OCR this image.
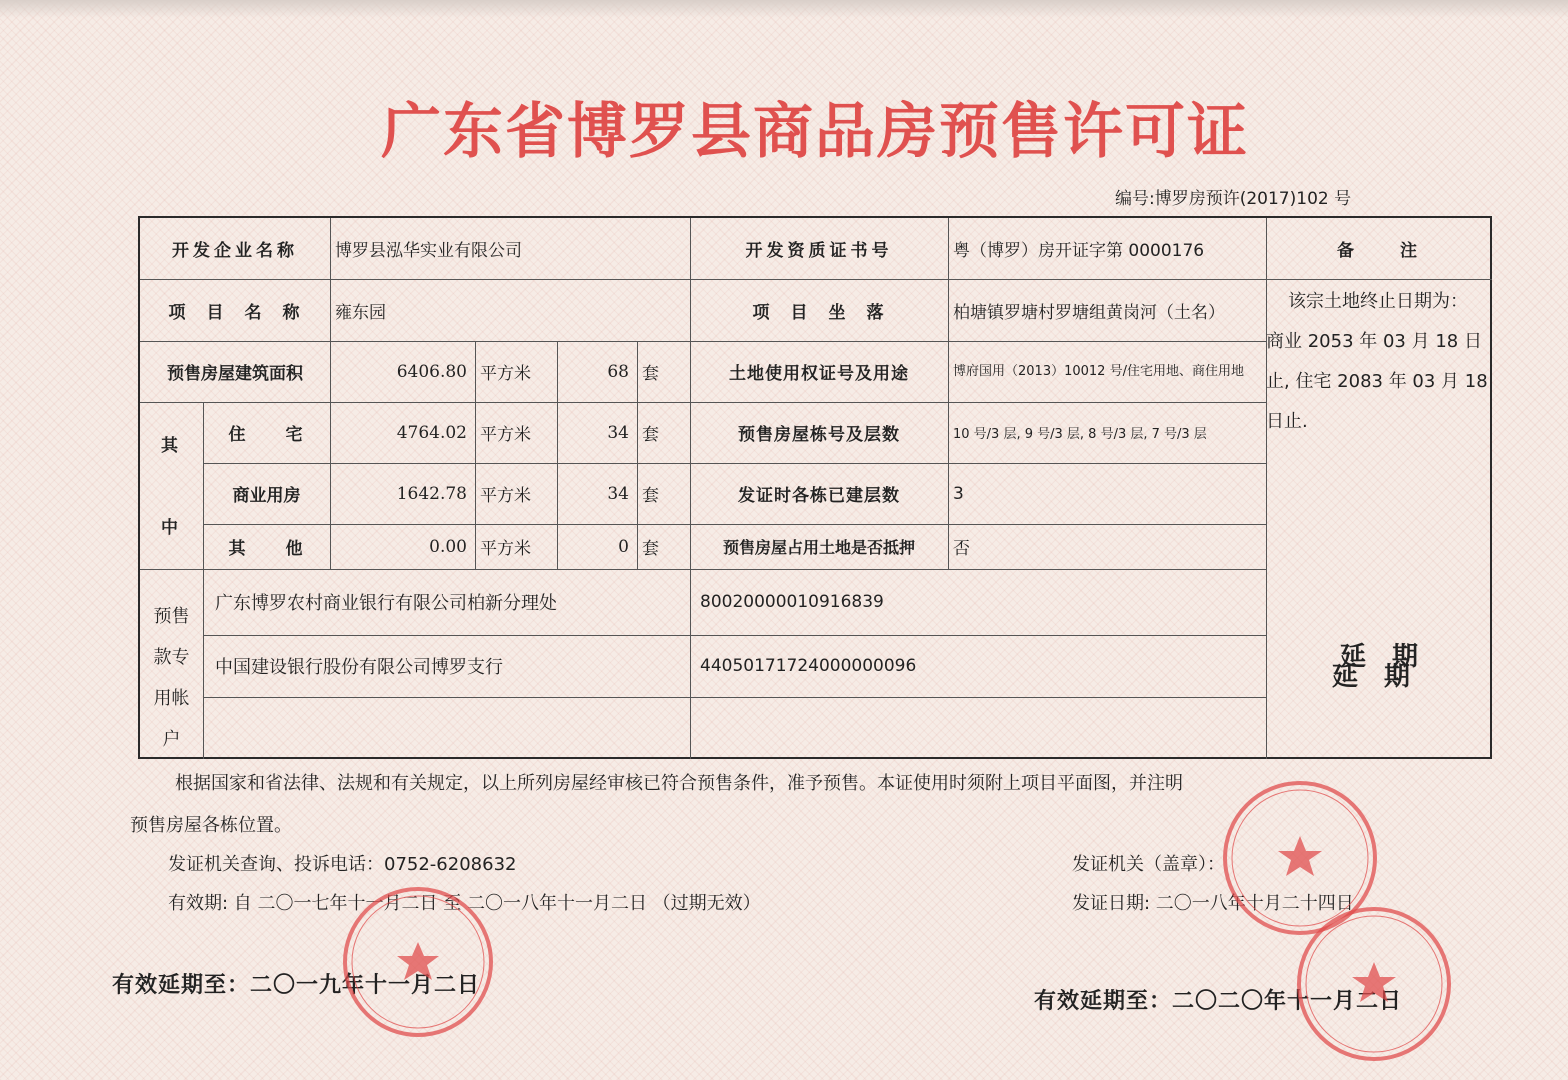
广东省博罗县商品房预售许可证
编号:博罗房预许(2017)102 号
开发企业名称	博罗县泓华实业有限公司	开发资质证书号	粤（博罗）房开证字第 0000176	备　　注
项　目　名　称	雍东园	项　目　坐　落	柏塘镇罗塘村罗塘组黄岗河（土名）
预售房屋建筑面积	6406.80 平方米	68 套	土地使用权证号及用途	博府国用（2013）10012 号/住宅用地、商住用地
其
中
住　　宅	4764.02 平方米	34 套	预售房屋栋号及层数	10 号/3 层, 9 号/3 层, 8 号/3 层, 7 号/3 层
商业用房	1642.78 平方米	34 套	发证时各栋已建层数	3
其　　他	0.00 平方米	0 套	预售房屋占用土地是否抵押	否
预售
款专
用帐
户
广东博罗农村商业银行有限公司柏新分理处	80020000010916839
中国建设银行股份有限公司博罗支行	44050171724000000096
该宗土地终止日期为：
商业 2053 年 03 月 18 日
止, 住宅 2083 年 03 月 18
日止.
延　期
延　期
根据国家和省法律、法规和有关规定，以上所列房屋经审核已符合预售条件，准予预售。本证使用时须附上项目平面图，并注明
预售房屋各栋位置。
发证机关查询、投诉电话：0752-6208632	发证机关（盖章）：
有效期: 自 二〇一七年十一月二日 至 二〇一八年十一月二日 （过期无效）	发证日期: 二〇一八年十月二十四日
有效延期至：二〇一九年十一月二日
有效延期至：二〇二〇年十一月二日
